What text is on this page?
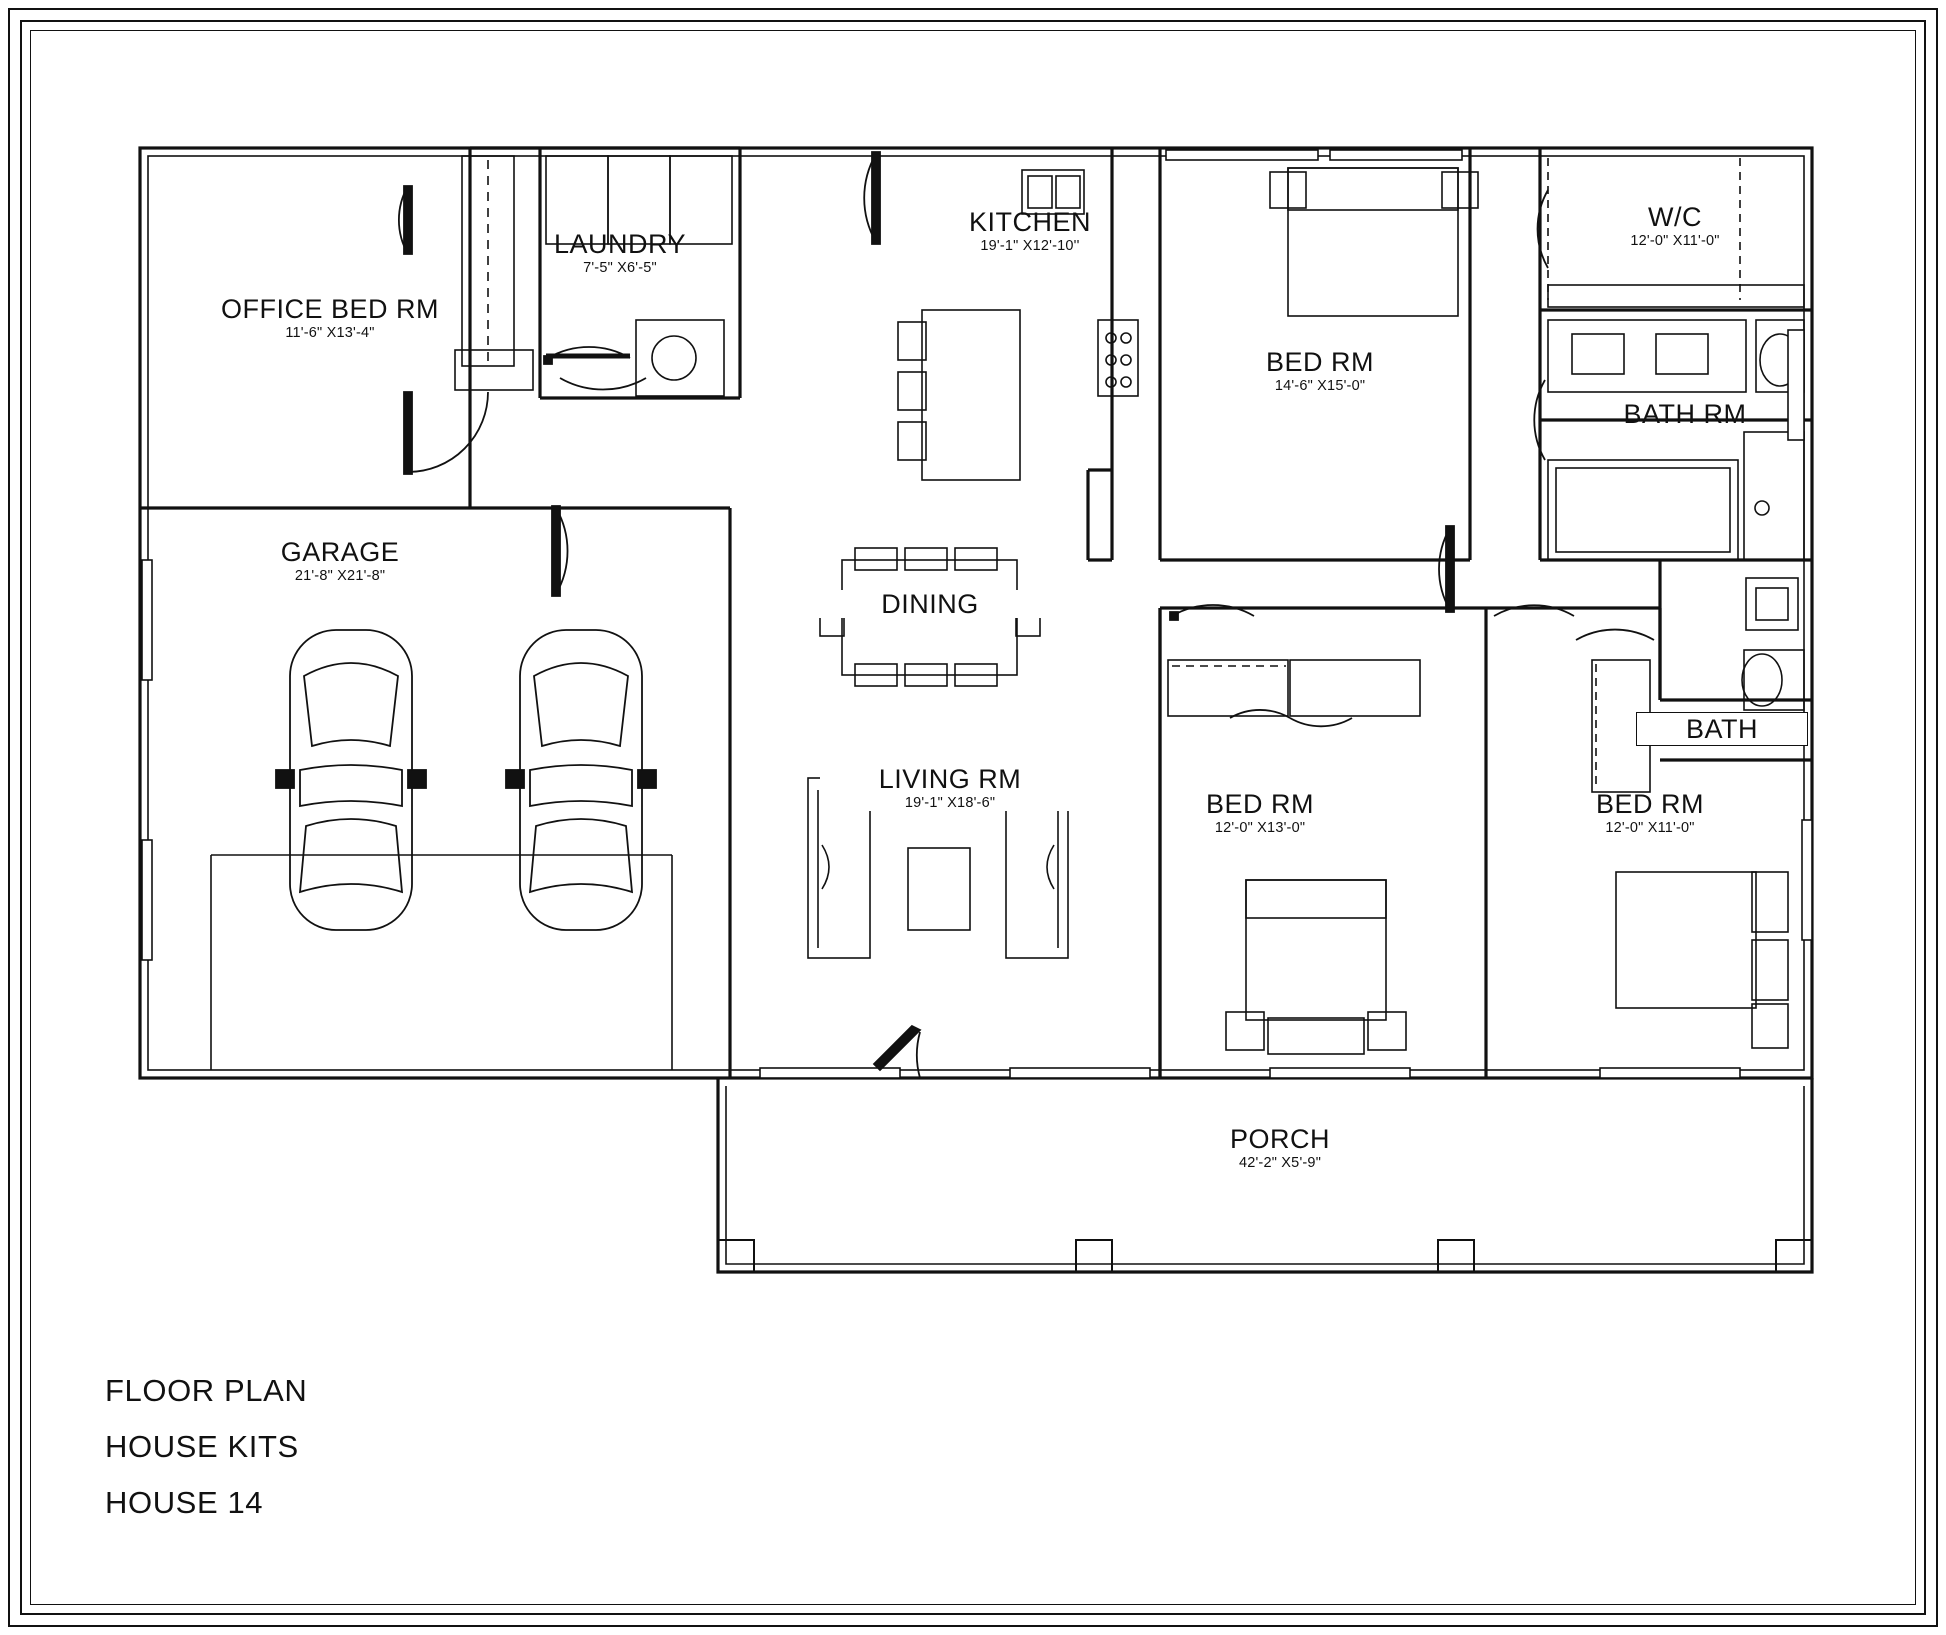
OFFICE BED RM
11'-6" X13'-4"
LAUNDRY
7'-5" X6'-5"
KITCHEN
19'-1" X12'-10''
W/C
12'-0" X11'-0"
BED RM
14'-6" X15'-0"
BATH RM
GARAGE
21'-8" X21'-8"
DINING
LIVING RM
19'-1" X18'-6"
BATH
BED RM
12'-0" X13'-0"
BED RM
12'-0" X11'-0"
PORCH
42'-2" X5'-9"
FLOOR PLAN
HOUSE KITS
HOUSE 14
